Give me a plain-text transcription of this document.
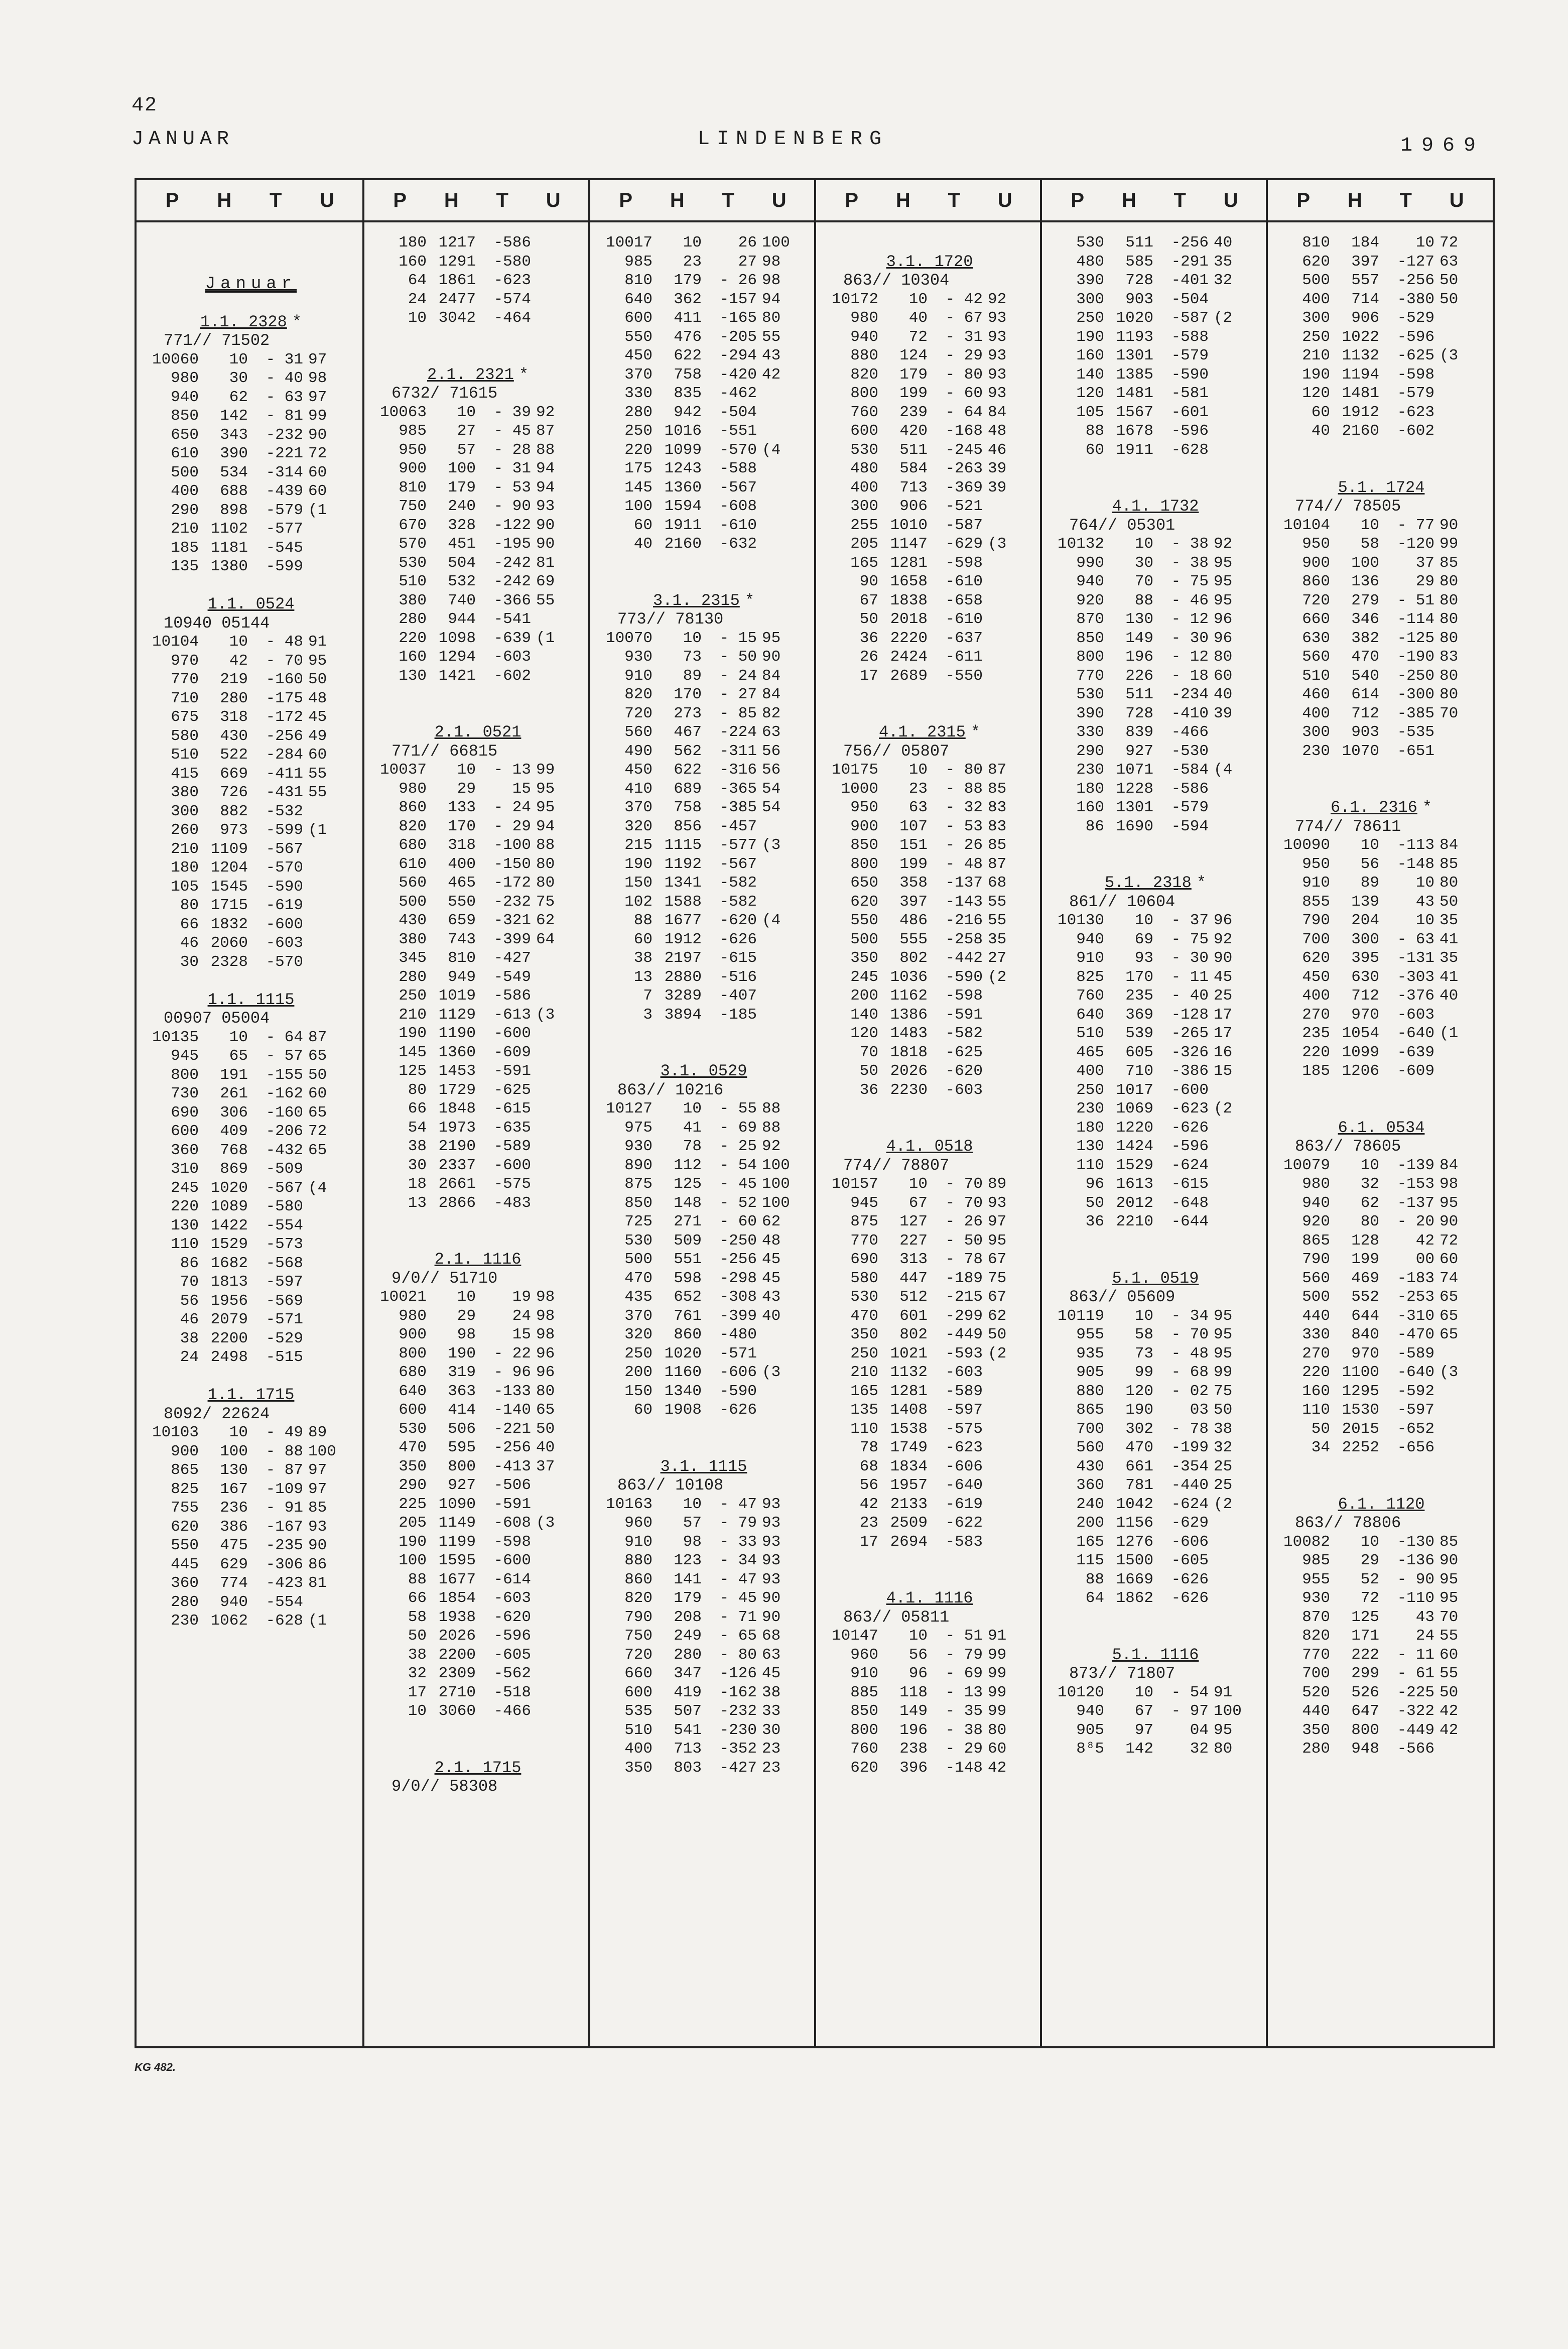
42
JANUAR	LINDENBERG	1969
P H T U
Januar
1.1. 2328 *
771// 71502
10060	10	- 31 97
980	30	- 40 98
940	62	- 63 97
850	142	- 81 99
650	343	-232 90
610	390	-221 72
500	534	-314 60
400	688	-439 60
290	898	-579 (1
210 1102	-577
185 1181	-545
135 1380	-599
1.1. 0524
10940 05144
10104	10	- 48 91
970	42	- 70 95
770	219	-160 50
710	280	-175 48
675	318	-172 45
580	430	-256 49
510	522	-284 60
415	669	-411 55
380	726	-431 55
300	882	-532
260	973	-599 (1
210 1109	-567
180 1204	-570
105 1545	-590
80 1715	-619
66 1832	-600
46 2060	-603
30 2328	-570
1.1. 1115
00907 05004
10135	10	- 64 87
945	65	- 57 65
800	191	-155 50
730	261	-162 60
690	306	-160 65
600	409	-206 72
360	768	-432 65
310	869	-509
245 1020	-567 (4
220 1089	-580
130 1422	-554
110 1529	-573
86 1682	-568
70 1813	-597
56 1956	-569
46 2079	-571
38 2200	-529
24 2498	-515
1.1. 1715
8092/ 22624
10103	10	- 49 89
900	100	- 88 100
865	130	- 87 97
825	167	-109 97
755	236	- 91 85
620	386	-167 93
550	475	-235 90
445	629	-306 86
360	774	-423 81
280	940	-554
230 1062	-628 (1
P H T U
180 1217	-586
160 1291	-580
64 1861	-623
24 2477	-574
10 3042	-464
2.1. 2321 *
6732/ 71615
10063	10	- 39 92
985	27	- 45 87
950	57	- 28 88
900	100	- 31 94
810	179	- 53 94
750	240	- 90 93
670	328	-122 90
570	451	-195 90
530	504	-242 81
510	532	-242 69
380	740	-366 55
280	944	-541
220 1098	-639 (1
160 1294	-603
130 1421	-602
2.1. 0521
771// 66815
10037	10	- 13 99
980	29	15 95
860	133	- 24 95
820	170	- 29 94
680	318	-100 88
610	400	-150 80
560	465	-172 80
500	550	-232 75
430	659	-321 62
380	743	-399 64
345	810	-427
280	949	-549
250 1019	-586
210 1129	-613 (3
190 1190	-600
145 1360	-609
125 1453	-591
80 1729	-625
66 1848	-615
54 1973	-635
38 2190	-589
30 2337	-600
18 2661	-575
13 2866	-483
2.1. 1116
9/0// 51710
10021	10	19 98
980	29	24 98
900	98	15 98
800	190	- 22 96
680	319	- 96 96
640	363	-133 80
600	414	-140 65
530	506	-221 50
470	595	-256 40
350	800	-413 37
290	927	-506
225 1090	-591
205 1149	-608 (3
190 1199	-598
100 1595	-600
88 1677	-614
66 1854	-603
58 1938	-620
50 2026	-596
38 2200	-605
32 2309	-562
17 2710	-518
10 3060	-466
2.1. 1715
9/0// 58308
P H T U
10017	10	26 100
985	23	27 98
810	179	- 26 98
640	362	-157 94
600	411	-165 80
550	476	-205 55
450	622	-294 43
370	758	-420 42
330	835	-462
280	942	-504
250 1016	-551
220 1099	-570 (4
175 1243	-588
145 1360	-567
100 1594	-608
60 1911	-610
40 2160	-632
3.1. 2315 *
773// 78130
10070	10	- 15 95
930	73	- 50 90
910	89	- 24 84
820	170	- 27 84
720	273	- 85 82
560	467	-224 63
490	562	-311 56
450	622	-316 56
410	689	-365 54
370	758	-385 54
320	856	-457
215 1115	-577 (3
190 1192	-567
150 1341	-582
102 1588	-582
88 1677	-620 (4
60 1912	-626
38 2197	-615
13 2880	-516
7 3289	-407
3 3894	-185
3.1. 0529
863// 10216
10127	10	- 55 88
975	41	- 69 88
930	78	- 25 92
890	112	- 54 100
875	125	- 45 100
850	148	- 52 100
725	271	- 60 62
530	509	-250 48
500	551	-256 45
470	598	-298 45
435	652	-308 43
370	761	-399 40
320	860	-480
250 1020	-571
200 1160	-606 (3
150 1340	-590
60 1908	-626
3.1. 1115
863// 10108
10163	10	- 47 93
960	57	- 79 93
910	98	- 33 93
880	123	- 34 93
860	141	- 47 93
820	179	- 45 90
790	208	- 71 90
750	249	- 65 68
720	280	- 80 63
660	347	-126 45
600	419	-162 38
535	507	-232 33
510	541	-230 30
400	713	-352 23
350	803	-427 23
P H T U
3.1. 1720
863// 10304
10172	10	- 42 92
980	40	- 67 93
940	72	- 31 93
880	124	- 29 93
820	179	- 80 93
800	199	- 60 93
760	239	- 64 84
600	420	-168 48
530	511	-245 46
480	584	-263 39
400	713	-369 39
300	906	-521
255 1010	-587
205 1147	-629 (3
165 1281	-598
90 1658	-610
67 1838	-658
50 2018	-610
36 2220	-637
26 2424	-611
17 2689	-550
4.1. 2315 *
756// 05807
10175	10	- 80 87
1000	23	- 88 85
950	63	- 32 83
900	107	- 53 83
850	151	- 26 85
800	199	- 48 87
650	358	-137 68
620	397	-143 55
550	486	-216 55
500	555	-258 35
350	802	-442 27
245 1036	-590 (2
200 1162	-598
140 1386	-591
120 1483	-582
70 1818	-625
50 2026	-620
36 2230	-603
4.1. 0518
774// 78807
10157	10	- 70 89
945	67	- 70 93
875	127	- 26 97
770	227	- 50 95
690	313	- 78 67
580	447	-189 75
530	512	-215 67
470	601	-299 62
350	802	-449 50
250 1021	-593 (2
210 1132	-603
165 1281	-589
135 1408	-597
110 1538	-575
78 1749	-623
68 1834	-606
56 1957	-640
42 2133	-619
23 2509	-622
17 2694	-583
4.1. 1116
863// 05811
10147	10	- 51 91
960	56	- 79 99
910	96	- 69 99
885	118	- 13 99
850	149	- 35 99
800	196	- 38 80
760	238	- 29 60
620	396	-148 42
P H T U
530	511	-256 40
480	585	-291 35
390	728	-401 32
300	903	-504
250 1020	-587 (2
190 1193	-588
160 1301	-579
140 1385	-590
120 1481	-581
105 1567	-601
88 1678	-596
60 1911	-628
4.1. 1732
764// 05301
10132	10	- 38 92
990	30	- 38 95
940	70	- 75 95
920	88	- 46 95
870	130	- 12 96
850	149	- 30 96
800	196	- 12 80
770	226	- 18 60
530	511	-234 40
390	728	-410 39
330	839	-466
290	927	-530
230 1071	-584 (4
180 1228	-586
160 1301	-579
86 1690	-594
5.1. 2318 *
861// 10604
10130	10	- 37 96
940	69	- 75 92
910	93	- 30 90
825	170	- 11 45
760	235	- 40 25
640	369	-128 17
510	539	-265 17
465	605	-326 16
400	710	-386 15
250 1017	-600
230 1069	-623 (2
180 1220	-626
130 1424	-596
110 1529	-624
96 1613	-615
50 2012	-648
36 2210	-644
5.1. 0519
863// 05609
10119	10	- 34 95
955	58	- 70 95
935	73	- 48 95
905	99	- 68 99
880	120	- 02 75
865	190	03 50
700	302	- 78 38
560	470	-199 32
430	661	-354 25
360	781	-440 25
240 1042	-624 (2
200 1156	-629
165 1276	-606
115 1500	-605
88 1669	-626
64 1862	-626
5.1. 1116
873// 71807
10120	10	- 54 91
940	67	- 97 100
905	97	04 95
8⁸5	142	32 80
P H T U
810	184	10 72
620	397	-127 63
500	557	-256 50
400	714	-380 50
300	906	-529
250 1022	-596
210 1132	-625 (3
190 1194	-598
120 1481	-579
60 1912	-623
40 2160	-602
5.1. 1724
774// 78505
10104	10	- 77 90
950	58	-120 99
900	100	37 85
860	136	29 80
720	279	- 51 80
660	346	-114 80
630	382	-125 80
560	470	-190 83
510	540	-250 80
460	614	-300 80
400	712	-385 70
300	903	-535
230 1070	-651
6.1. 2316 *
774// 78611
10090	10	-113 84
950	56	-148 85
910	89	10 80
855	139	43 50
790	204	10 35
700	300	- 63 41
620	395	-131 35
450	630	-303 41
400	712	-376 40
270	970	-603
235 1054	-640 (1
220 1099	-639
185 1206	-609
6.1. 0534
863// 78605
10079	10	-139 84
980	32	-153 98
940	62	-137 95
920	80	- 20 90
865	128	42 72
790	199	00 60
560	469	-183 74
500	552	-253 65
440	644	-310 65
330	840	-470 65
270	970	-589
220 1100	-640 (3
160 1295	-592
110 1530	-597
50 2015	-652
34 2252	-656
6.1. 1120
863// 78806
10082	10	-130 85
985	29	-136 90
955	52	- 90 95
930	72	-110 95
870	125	43 70
820	171	24 55
770	222	- 11 60
700	299	- 61 55
520	526	-225 50
440	647	-322 42
350	800	-449 42
280	948	-566
KG 482.
